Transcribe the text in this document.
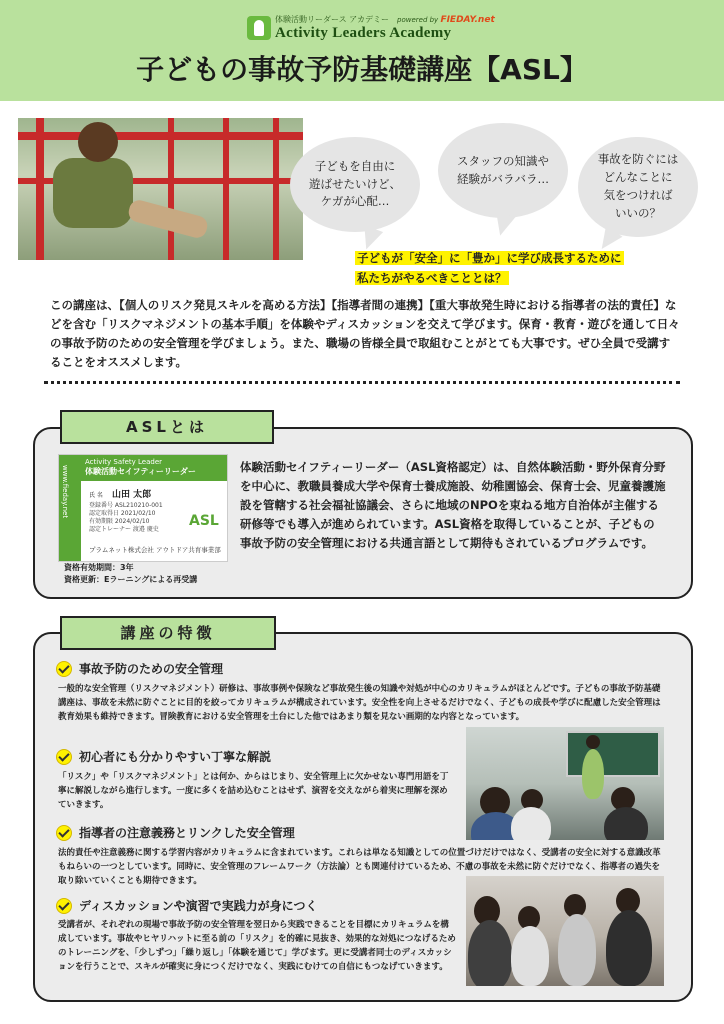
体験活動リーダース アカデミー
Activity Leaders Academy
powered by FIEDAY.net
子どもの事故予防基礎講座【ASL】
子どもを自由に 遊ばせたいけど、 ケガが心配…
スタッフの知識や 経験がバラバラ…
事故を防ぐには どんなことに 気をつければ いいの？
子どもが「安全」に「豊か」に学び成長するために
私たちがやるべきこととは？

この講座は、【個人のリスク発見スキルを高める方法】【指導者間の連携】【重大事故発生時における指導者の法的責任】などを含む「リスクマネジメントの基本手順」を体験やディスカッションを交えて学びます。保育・教育・遊びを通して日々の事故予防のための安全管理を学びましょう。また、職場の皆様全員で取組むことがとても大事です。ぜひ全員で受講することをオススメします。

ASLとは
www.fieday.net
Activity Safety Leader
体験活動セイフティーリーダー
氏 名　 山田 太郎
登録番号 ASL210210-001
認定取得日 2021/02/10
有効期限 2024/02/10
認定トレーナー 渡邉 慶史
ASL
プラムネット株式会社 アウトドア共育事業部
資格有効期間：3年
資格更新：Eラーニングによる再受講

体験活動セイフティーリーダー（ASL資格認定）は、自然体験活動・野外保育分野を中心に、教職員養成大学や保育士養成施設、幼稚園協会、保育士会、児童養護施設を管轄する社会福祉協議会、さらに地域のNPOを束ねる地方自治体が主催する研修等でも導入が進められています。ASL資格を取得していることが、子どもの事故予防の安全管理における共通言語として期待もされているプログラムです。

講座の特徴
事故予防のための安全管理

一般的な安全管理（リスクマネジメント）研修は、事故事例や保険など事故発生後の知識や対処が中心のカリキュラムがほとんどです。子どもの事故予防基礎講座は、事故を未然に防ぐことに目的を絞ってカリキュラムが構成されています。安全性を向上させるだけでなく、子どもの成長や学びに配慮した安全管理は教育効果も維持できます。冒険教育における安全管理を土台にした他ではあまり類を見ない画期的な内容となっています。

初心者にも分かりやすい丁寧な解説

「リスク」や「リスクマネジメント」とは何か、からはじまり、安全管理上に欠かせない専門用語を丁寧に解説しながら進行します。一度に多くを詰め込むことはせず、演習を交えながら着実に理解を深めていきます。

指導者の注意義務とリンクした安全管理

法的責任や注意義務に関する学習内容がカリキュラムに含まれています。これらは単なる知識としての位置づけだけではなく、受講者の安全に対する意識改革もねらいの一つとしています。同時に、安全管理のフレームワーク（方法論）とも関連付けているため、不慮の事故を未然に防ぐだけでなく、指導者の過失を取り除いていくことも期待できます。

ディスカッションや演習で実践力が身につく

受講者が、それぞれの現場で事故予防の安全管理を翌日から実践できることを目標にカリキュラムを構成しています。事故やヒヤリハットに至る前の「リスク」を的確に見抜き、効果的な対処につなげるためのトレーニングを、「少しずつ」「繰り返し」「体験を通じて」学びます。更に受講者同士のディスカッションを行うことで、スキルが確実に身につくだけでなく、実践にむけての自信にもつなげていきます。
